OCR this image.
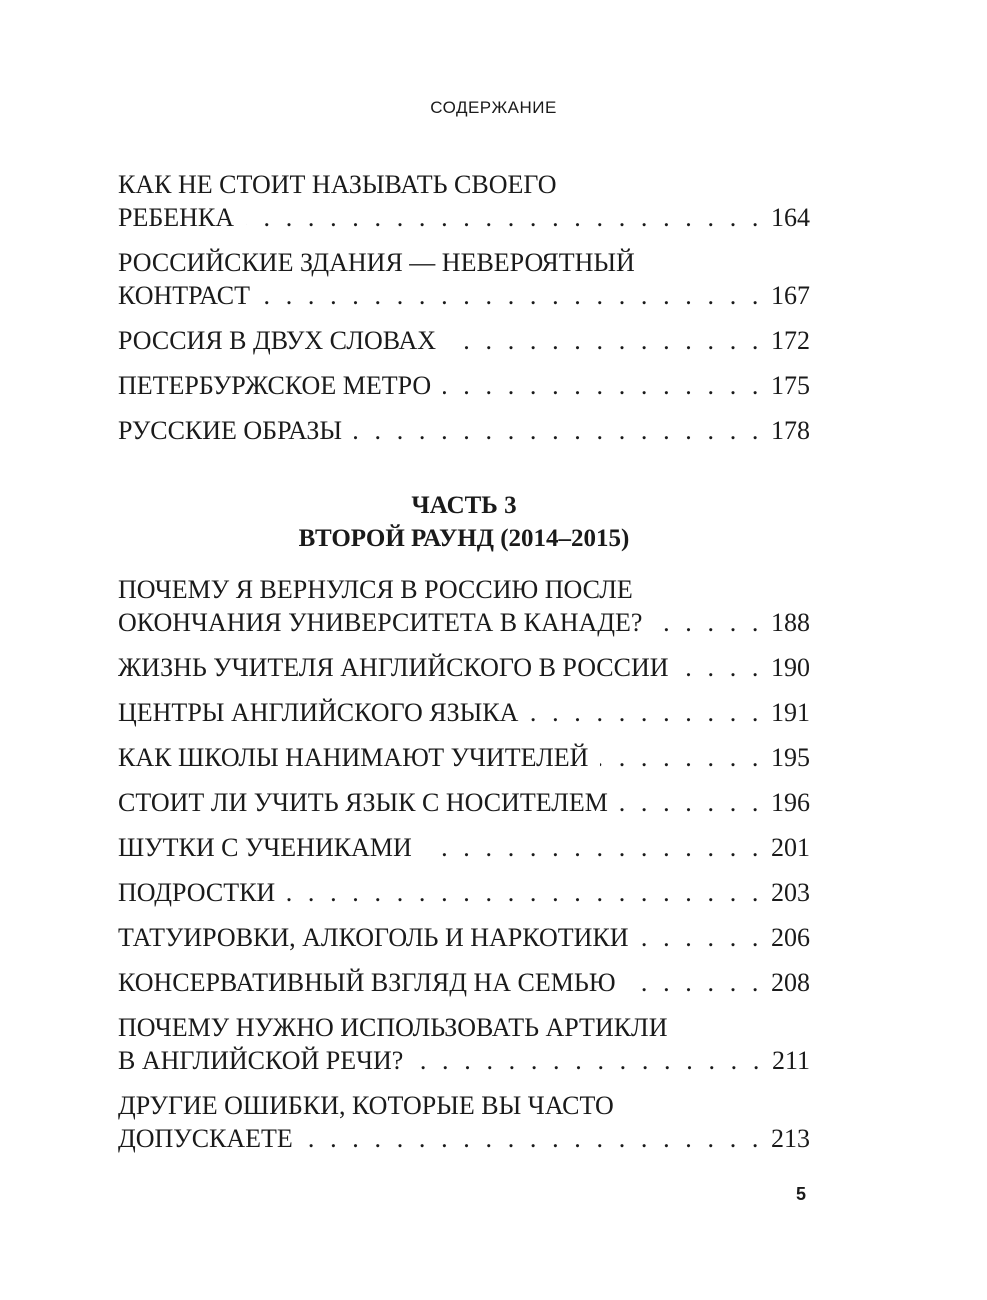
СОДЕРЖАНИЕ
КАК НЕ СТОИТ НАЗЫВАТЬ СВОЕГО
РЕБЕНКА . . .	164
РОССИЙСКИЕ ЗДАНИЯ — НЕВЕРОЯТНЫЙ
КОНТРАСТ . . .	167
РОССИЯ В ДВУХ СЛОВАХ . . .	172
ПЕТЕРБУРЖСКОЕ МЕТРО . . .	175
РУССКИЕ ОБРАЗЫ . . .	178
ЧАСТЬ 3
ВТОРОЙ РАУНД (2014–2015)
ПОЧЕМУ Я ВЕРНУЛСЯ В РОССИЮ ПОСЛЕ
ОКОНЧАНИЯ УНИВЕРСИТЕТА В КАНАДЕ? . . .	188
ЖИЗНЬ УЧИТЕЛЯ АНГЛИЙСКОГО В РОССИИ . . .	190
ЦЕНТРЫ АНГЛИЙСКОГО ЯЗЫКА . . .	191
КАК ШКОЛЫ НАНИМАЮТ УЧИТЕЛЕЙ . . .	195
СТОИТ ЛИ УЧИТЬ ЯЗЫК С НОСИТЕЛЕМ . . .	196
ШУТКИ С УЧЕНИКАМИ . . .	201
ПОДРОСТКИ . . .	203
ТАТУИРОВКИ, АЛКОГОЛЬ И НАРКОТИКИ . . .	206
КОНСЕРВАТИВНЫЙ ВЗГЛЯД НА СЕМЬЮ . . .	208
ПОЧЕМУ НУЖНО ИСПОЛЬЗОВАТЬ АРТИКЛИ
В АНГЛИЙСКОЙ РЕЧИ? . . .	211
ДРУГИЕ ОШИБКИ, КОТОРЫЕ ВЫ ЧАСТО
ДОПУСКАЕТЕ . . .	213
5
